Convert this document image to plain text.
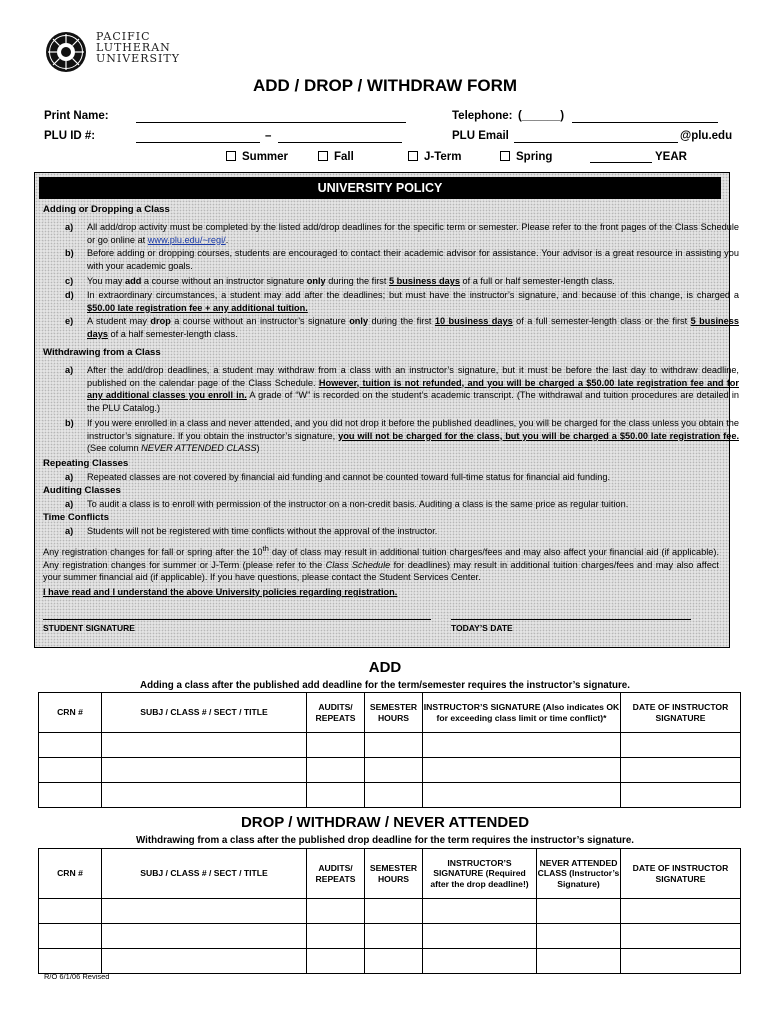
PACIFIC
LUTHERAN
UNIVERSITY
ADD / DROP / WITHDRAW FORM
Print Name:
PLU ID #:	–
Telephone: (______)
PLU Email	@plu.edu
Summer	Fall	J-Term	Spring	YEAR
UNIVERSITY POLICY
Adding or Dropping a Class
a) All add/drop activity must be completed by the listed add/drop deadlines for the specific term or semester. Please refer to the front pages of the Class Schedule or go online at www.plu.edu/~regi/.
b) Before adding or dropping courses, students are encouraged to contact their academic advisor for assistance. Your advisor is a great resource in assisting you with your academic goals.
c) You may add a course without an instructor signature only during the first 5 business days of a full or half semester-length class.
d) In extraordinary circumstances, a student may add after the deadlines; but must have the instructor’s signature, and because of this change, is charged a $50.00 late registration fee + any additional tuition.
e) A student may drop a course without an instructor’s signature only during the first 10 business days of a full semester-length class or the first 5 business days of a half semester-length class.
Withdrawing from a Class
a) After the add/drop deadlines, a student may withdraw from a class with an instructor’s signature, but it must be before the last day to withdraw deadline, published on the calendar page of the Class Schedule. However, tuition is not refunded, and you will be charged a $50.00 late registration fee and for any additional classes you enroll in. A grade of “W” is recorded on the student’s academic transcript. (The withdrawal and tuition procedures are detailed in the PLU Catalog.)
b) If you were enrolled in a class and never attended, and you did not drop it before the published deadlines, you will be charged for the class unless you obtain the instructor’s signature. If you obtain the instructor’s signature, you will not be charged for the class, but you will be charged a $50.00 late registration fee. (See column NEVER ATTENDED CLASS)
Repeating Classes
a) Repeated classes are not covered by financial aid funding and cannot be counted toward full-time status for financial aid funding.
Auditing Classes
a) To audit a class is to enroll with permission of the instructor on a non-credit basis. Auditing a class is the same price as regular tuition.
Time Conflicts
a) Students will not be registered with time conflicts without the approval of the instructor.
Any registration changes for fall or spring after the 10th day of class may result in additional tuition charges/fees and may also affect your financial aid (if applicable). Any registration changes for summer or J-Term (please refer to the Class Schedule for deadlines) may result in additional tuition charges/fees and may also affect your summer financial aid (if applicable). If you have questions, please contact the Student Services Center.
I have read and I understand the above University policies regarding registration.
STUDENT SIGNATURE	TODAY’S DATE
ADD
Adding a class after the published add deadline for the term/semester requires the instructor’s signature.
CRN #	SUBJ / CLASS # / SECT / TITLE	AUDITS/ REPEATS	SEMESTER HOURS	INSTRUCTOR’S SIGNATURE (Also indicates OK for exceeding class limit or time conflict)*	DATE OF INSTRUCTOR SIGNATURE

DROP / WITHDRAW / NEVER ATTENDED
Withdrawing from a class after the published drop deadline for the term requires the instructor’s signature.
CRN #	SUBJ / CLASS # / SECT / TITLE	AUDITS/ REPEATS	SEMESTER HOURS	INSTRUCTOR’S SIGNATURE (Required after the drop deadline!)	NEVER ATTENDED CLASS (Instructor’s Signature)	DATE OF INSTRUCTOR SIGNATURE

R/O 6/1/06 Revised
